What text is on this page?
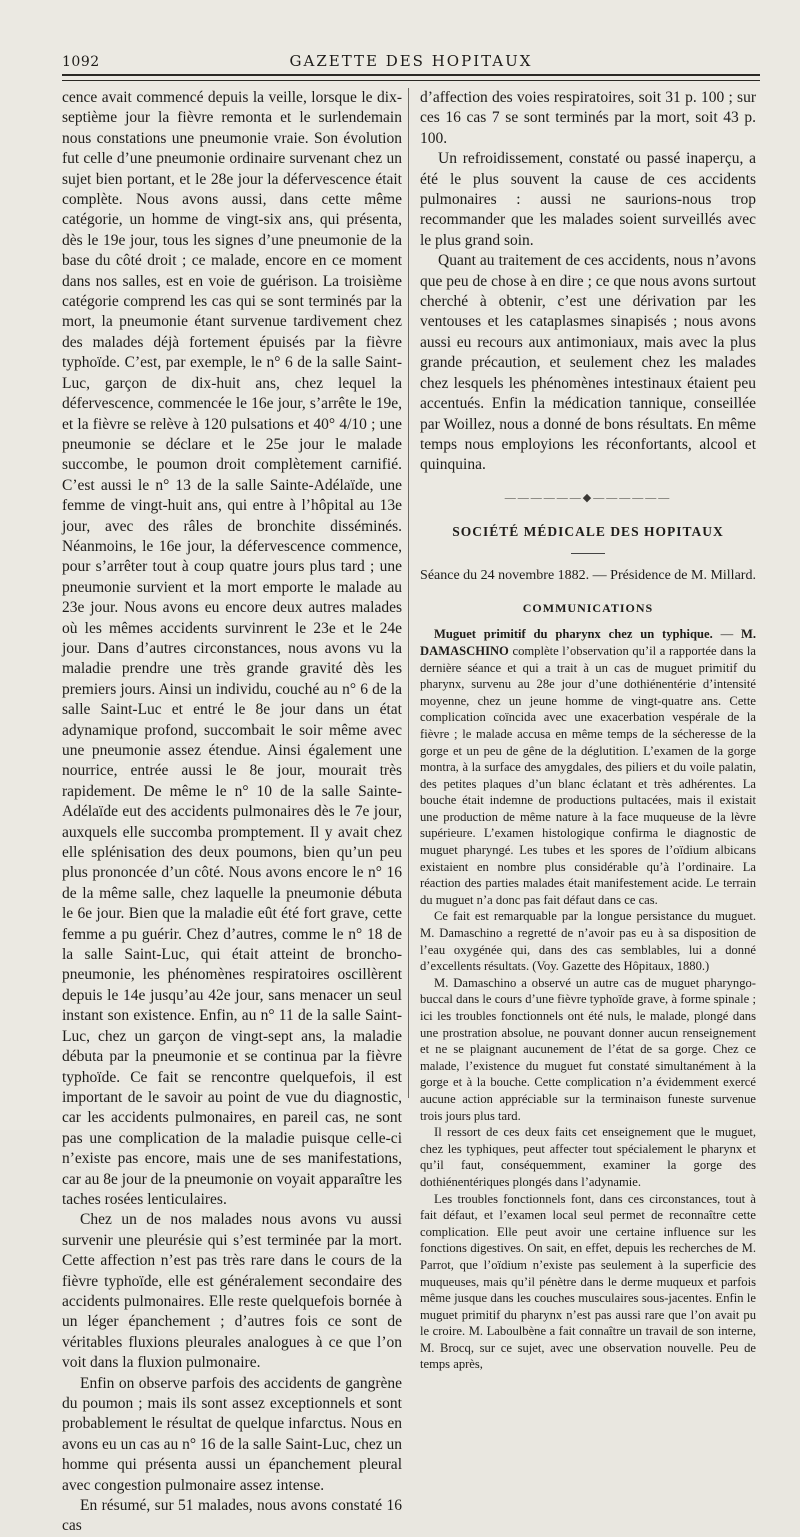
1092	GAZETTE DES HOPITAUX

cence avait commencé depuis la veille, lorsque le dix-septième jour la fièvre remonta et le surlendemain nous constations une pneumonie vraie. Son évolution fut celle d’une pneumonie ordinaire survenant chez un sujet bien portant, et le 28e jour la défervescence était complète. Nous avons aussi, dans cette même catégorie, un homme de vingt-six ans, qui présenta, dès le 19e jour, tous les signes d’une pneumonie de la base du côté droit ; ce malade, encore en ce moment dans nos salles, est en voie de guérison. La troisième catégorie comprend les cas qui se sont terminés par la mort, la pneumonie étant survenue tardivement chez des malades déjà fortement épuisés par la fièvre typhoïde. C’est, par exemple, le n° 6 de la salle Saint-Luc, garçon de dix-huit ans, chez lequel la défervescence, commencée le 16e jour, s’arrête le 19e, et la fièvre se relève à 120 pulsations et 40° 4/10 ; une pneumonie se déclare et le 25e jour le malade succombe, le poumon droit complètement carnifié. C’est aussi le n° 13 de la salle Sainte-Adélaïde, une femme de vingt-huit ans, qui entre à l’hôpital au 13e jour, avec des râles de bronchite disséminés. Néanmoins, le 16e jour, la défervescence commence, pour s’arrêter tout à coup quatre jours plus tard ; une pneumonie survient et la mort emporte le malade au 23e jour. Nous avons eu encore deux autres malades où les mêmes accidents survinrent le 23e et le 24e jour. Dans d’autres circonstances, nous avons vu la maladie prendre une très grande gravité dès les premiers jours. Ainsi un individu, couché au n° 6 de la salle Saint-Luc et entré le 8e jour dans un état adynamique profond, succombait le soir même avec une pneumonie assez étendue. Ainsi également une nourrice, entrée aussi le 8e jour, mourait très rapidement. De même le n° 10 de la salle Sainte-Adélaïde eut des accidents pulmonaires dès le 7e jour, auxquels elle succomba promptement. Il y avait chez elle splénisation des deux poumons, bien qu’un peu plus prononcée d’un côté. Nous avons encore le n° 16 de la même salle, chez laquelle la pneumonie débuta le 6e jour. Bien que la maladie eût été fort grave, cette femme a pu guérir. Chez d’autres, comme le n° 18 de la salle Saint-Luc, qui était atteint de broncho-pneumonie, les phénomènes respiratoires oscillèrent depuis le 14e jusqu’au 42e jour, sans menacer un seul instant son existence. Enfin, au n° 11 de la salle Saint-Luc, chez un garçon de vingt-sept ans, la maladie débuta par la pneumonie et se continua par la fièvre typhoïde. Ce fait se rencontre quelquefois, il est important de le savoir au point de vue du diagnostic, car les accidents pulmonaires, en pareil cas, ne sont pas une complication de la maladie puisque celle-ci n’existe pas encore, mais une de ses manifestations, car au 8e jour de la pneumonie on voyait apparaître les taches rosées lenticulaires.

Chez un de nos malades nous avons vu aussi survenir une pleurésie qui s’est terminée par la mort. Cette affection n’est pas très rare dans le cours de la fièvre typhoïde, elle est généralement secondaire des accidents pulmonaires. Elle reste quelquefois bornée à un léger épanchement ; d’autres fois ce sont de véritables fluxions pleurales analogues à ce que l’on voit dans la fluxion pulmonaire.

Enfin on observe parfois des accidents de gangrène du poumon ; mais ils sont assez exceptionnels et sont probablement le résultat de quelque infarctus. Nous en avons eu un cas au n° 16 de la salle Saint-Luc, chez un homme qui présenta aussi un épanchement pleural avec congestion pulmonaire assez intense.

En résumé, sur 51 malades, nous avons constaté 16 cas

d’affection des voies respiratoires, soit 31 p. 100 ; sur ces 16 cas 7 se sont terminés par la mort, soit 43 p. 100.

Un refroidissement, constaté ou passé inaperçu, a été le plus souvent la cause de ces accidents pulmonaires : aussi ne saurions-nous trop recommander que les malades soient surveillés avec le plus grand soin.

Quant au traitement de ces accidents, nous n’avons que peu de chose à en dire ; ce que nous avons surtout cherché à obtenir, c’est une dérivation par les ventouses et les cataplasmes sinapisés ; nous avons aussi eu recours aux antimoniaux, mais avec la plus grande précaution, et seulement chez les malades chez lesquels les phénomènes intestinaux étaient peu accentués. Enfin la médication tannique, conseillée par Woillez, nous a donné de bons résultats. En même temps nous employions les réconfortants, alcool et quinquina.

——————◆——————
SOCIÉTÉ MÉDICALE DES HOPITAUX
Séance du 24 novembre 1882. — Présidence de M. Millard.
COMMUNICATIONS

Muguet primitif du pharynx chez un typhique. — M. DAMASCHINO complète l’observation qu’il a rapportée dans la dernière séance et qui a trait à un cas de muguet primitif du pharynx, survenu au 28e jour d’une dothiénentérie d’intensité moyenne, chez un jeune homme de vingt-quatre ans. Cette complication coïncida avec une exacerbation vespérale de la fièvre ; le malade accusa en même temps de la sécheresse de la gorge et un peu de gêne de la déglutition. L’examen de la gorge montra, à la surface des amygdales, des piliers et du voile palatin, des petites plaques d’un blanc éclatant et très adhérentes. La bouche était indemne de productions pultacées, mais il existait une production de même nature à la face muqueuse de la lèvre supérieure. L’examen histologique confirma le diagnostic de muguet pharyngé. Les tubes et les spores de l’oïdium albicans existaient en nombre plus considérable qu’à l’ordinaire. La réaction des parties malades était manifestement acide. Le terrain du muguet n’a donc pas fait défaut dans ce cas.

Ce fait est remarquable par la longue persistance du muguet. M. Damaschino a regretté de n’avoir pas eu à sa disposition de l’eau oxygénée qui, dans des cas semblables, lui a donné d’excellents résultats. (Voy. Gazette des Hôpitaux, 1880.)

M. Damaschino a observé un autre cas de muguet pharyngo-buccal dans le cours d’une fièvre typhoïde grave, à forme spinale ; ici les troubles fonctionnels ont été nuls, le malade, plongé dans une prostration absolue, ne pouvant donner aucun renseignement et ne se plaignant aucunement de l’état de sa gorge. Chez ce malade, l’existence du muguet fut constaté simultanément à la gorge et à la bouche. Cette complication n’a évidemment exercé aucune action appréciable sur la terminaison funeste survenue trois jours plus tard.

Il ressort de ces deux faits cet enseignement que le muguet, chez les typhiques, peut affecter tout spécialement le pharynx et qu’il faut, conséquemment, examiner la gorge des dothiénentériques plongés dans l’adynamie.

Les troubles fonctionnels font, dans ces circonstances, tout à fait défaut, et l’examen local seul permet de reconnaître cette complication. Elle peut avoir une certaine influence sur les fonctions digestives. On sait, en effet, depuis les recherches de M. Parrot, que l’oïdium n’existe pas seulement à la superficie des muqueuses, mais qu’il pénètre dans le derme muqueux et parfois même jusque dans les couches musculaires sous-jacentes. Enfin le muguet primitif du pharynx n’est pas aussi rare que l’on avait pu le croire. M. Laboulbène a fait connaître un travail de son interne, M. Brocq, sur ce sujet, avec une observation nouvelle. Peu de temps après,
